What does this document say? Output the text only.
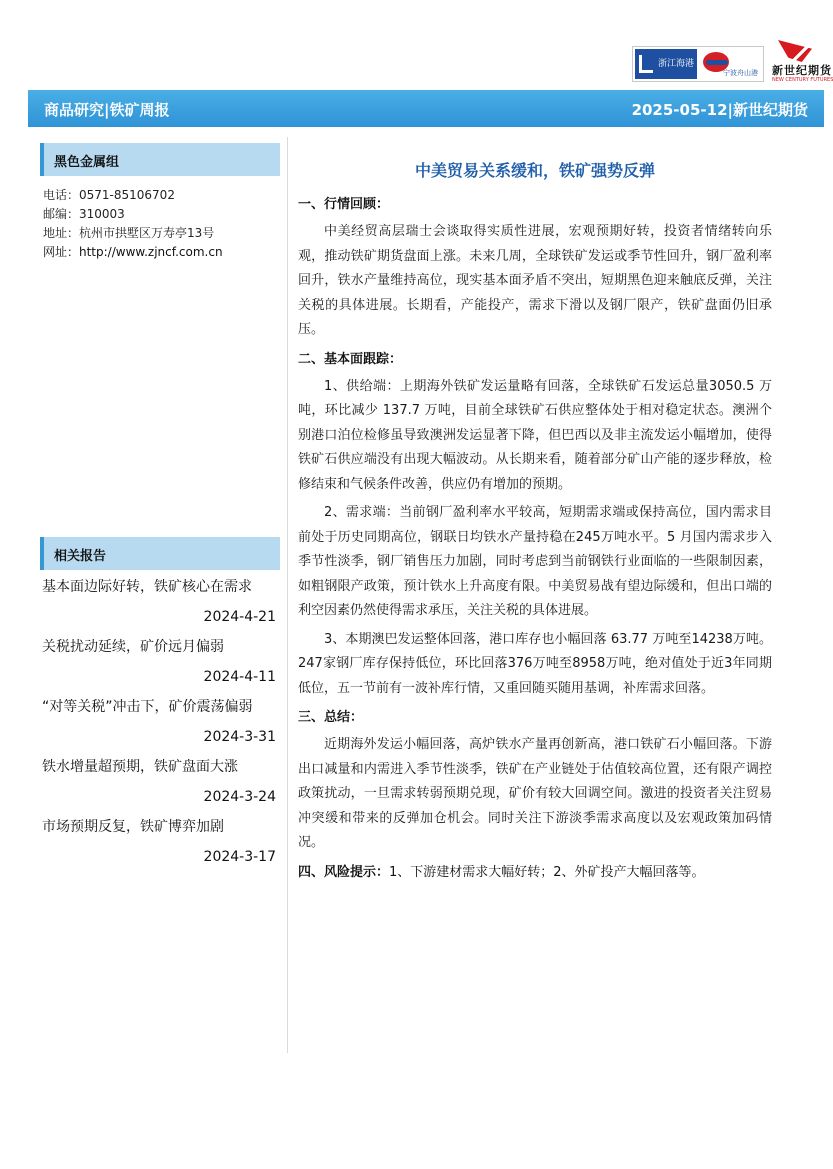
浙江海港
宁波舟山港 新世纪期货
NEW CENTURY FUTURES
商品研究|铁矿周报	2025-05-12|新世纪期货
黑色金属组
电话：0571-85106702
邮编：310003
地址：杭州市拱墅区万寿亭13号
网址：http://www.zjncf.com.cn
相关报告
基本面边际好转，铁矿核心在需求
2024-4-21
关税扰动延续，矿价远月偏弱
2024-4-11
“对等关税”冲击下，矿价震荡偏弱
2024-3-31
铁水增量超预期，铁矿盘面大涨
2024-3-24
市场预期反复，铁矿博弈加剧
2024-3-17
中美贸易关系缓和，铁矿强势反弹
一、行情回顾：

中美经贸高层瑞士会谈取得实质性进展，宏观预期好转，投资者情绪转向乐观，推动铁矿期货盘面上涨。未来几周，全球铁矿发运或季节性回升，钢厂盈利率回升，铁水产量维持高位，现实基本面矛盾不突出，短期黑色迎来触底反弹，关注关税的具体进展。长期看，产能投产，需求下滑以及钢厂限产，铁矿盘面仍旧承压。

二、基本面跟踪：

1、供给端：上期海外铁矿发运量略有回落，全球铁矿石发运总量3050.5 万吨，环比减少 137.7 万吨，目前全球铁矿石供应整体处于相对稳定状态。澳洲个别港口泊位检修虽导致澳洲发运显著下降，但巴西以及非主流发运小幅增加，使得铁矿石供应端没有出现大幅波动。从长期来看，随着部分矿山产能的逐步释放，检修结束和气候条件改善，供应仍有增加的预期。

2、需求端：当前钢厂盈利率水平较高，短期需求端或保持高位，国内需求目前处于历史同期高位，钢联日均铁水产量持稳在245万吨水平。5 月国内需求步入季节性淡季，钢厂销售压力加剧，同时考虑到当前钢铁行业面临的一些限制因素，如粗钢限产政策，预计铁水上升高度有限。中美贸易战有望边际缓和，但出口端的利空因素仍然使得需求承压，关注关税的具体进展。

3、本期澳巴发运整体回落，港口库存也小幅回落 63.77 万吨至14238万吨。247家钢厂库存保持低位，环比回落376万吨至8958万吨，绝对值处于近3年同期低位，五一节前有一波补库行情，又重回随买随用基调，补库需求回落。

三、总结：

近期海外发运小幅回落，高炉铁水产量再创新高，港口铁矿石小幅回落。下游出口减量和内需进入季节性淡季，铁矿在产业链处于估值较高位置，还有限产调控政策扰动，一旦需求转弱预期兑现，矿价有较大回调空间。激进的投资者关注贸易冲突缓和带来的反弹加仓机会。同时关注下游淡季需求高度以及宏观政策加码情况。

四、风险提示：1、下游建材需求大幅好转；2、外矿投产大幅回落等。
